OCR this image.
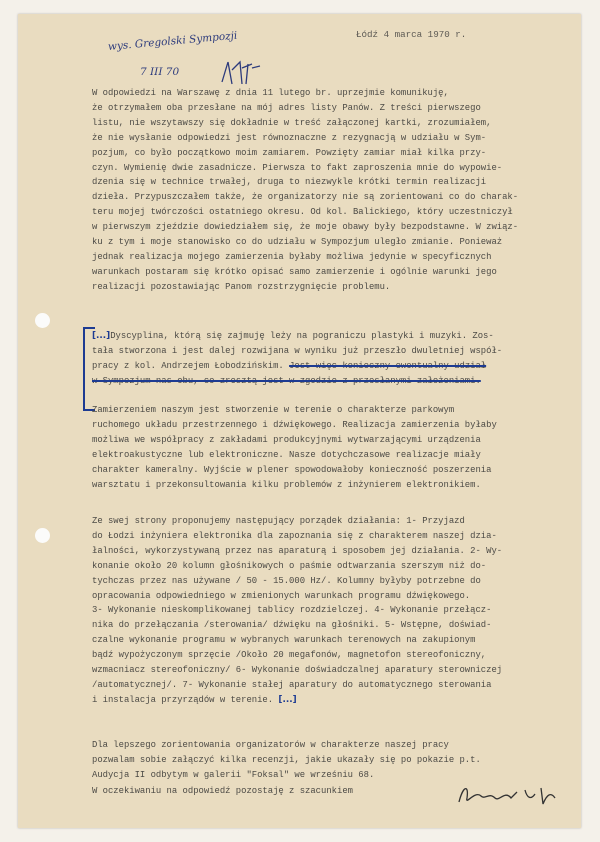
Łódź 4 marca 1970 r.
wys. Gregolski Sympozji
7 III 70
W odpowiedzi na Warszawę z dnia 11 lutego br. uprzejmie komunikuję,
że otrzymałem oba przesłane na mój adres listy Panów. Z treści pierwszego
listu, nie wszytawszy się dokładnie w treść załączonej kartki, zrozumiałem,
że nie wysłanie odpowiedzi jest równoznaczne z rezygnacją w udziału w Sym-
pozjum, co było początkowo moim zamiarem. Powzięty zamiar miał kilka przy-
czyn. Wymienię dwie zasadnicze. Pierwsza to fakt zaproszenia mnie do wypowie-
dzenia się w technice trwałej, druga to niezwykle krótki termin realizacji
dzieła. Przypuszczałem także, że organizatorzy nie są zorientowani co do charak-
teru mojej twórczości ostatniego okresu. Od kol. Balickiego, który uczestniczył
w pierwszym zjeździe dowiedziałem się, że moje obawy były bezpodstawne. W związ-
ku z tym i moje stanowisko co do udziału w Sympozjum uległo zmianie. Ponieważ
jednak realizacja mojego zamierzenia byłaby możliwa jedynie w specyficznych
warunkach postaram się krótko opisać samo zamierzenie i ogólnie warunki jego
realizacji pozostawiając Panom rozstrzygnięcie problemu.
[...]Dyscyplina, którą się zajmuję leży na pograniczu plastyki i muzyki. Zos-
tała stworzona i jest dalej rozwijana w wyniku już przeszło dwuletniej współ-
pracy z kol. Andrzejem Łobodzińskim. Jest więc konieczny ewentualny udział
w Sympozjum nas obu, co zresztą jest w zgodzie z przesłanymi założeniami.
Zamierzeniem naszym jest stworzenie w terenie o charakterze parkowym
ruchomego układu przestrzennego i dźwiękowego. Realizacja zamierzenia byłaby
możliwa we współpracy z zakładami produkcyjnymi wytwarzającymi urządzenia
elektroakustyczne lub elektroniczne. Nasze dotychczasowe realizacje miały
charakter kameralny. Wyjście w plener spowodowałoby konieczność poszerzenia
warsztatu i przekonsultowania kilku problemów z inżynierem elektronikiem.
Ze swej strony proponujemy następujący porządek działania: 1- Przyjazd
do Łodzi inżyniera elektronika dla zapoznania się z charakterem naszej dzia-
łalności, wykorzystywaną przez nas aparaturą i sposobem jej działania. 2- Wy-
konanie około 20 kolumn głośnikowych o paśmie odtwarzania szerszym niż do-
tychczas przez nas używane / 50 - 15.000 Hz/. Kolumny byłyby potrzebne do
opracowania odpowiedniego w zmienionych warunkach programu dźwiękowego.
3- Wykonanie nieskomplikowanej tablicy rozdzielczej. 4- Wykonanie przełącz-
nika do przełączania /sterowania/ dźwięku na głośniki. 5- Wstępne, doświad-
czalne wykonanie programu w wybranych warunkach terenowych na zakupionym
bądź wypożyczonym sprzęcie /Około 20 megafonów, magnetofon stereofoniczny,
wzmacniacz stereofoniczny/ 6- Wykonanie doświadczalnej aparatury sterowniczej
/automatycznej/. 7- Wykonanie stałej aparatury do automatycznego sterowania
i instalacja przyrządów w terenie. [...]
Dla lepszego zorientowania organizatorów w charakterze naszej pracy
pozwalam sobie załączyć kilka recenzji, jakie ukazały się po pokazie p.t.
Audycja II odbytym w galerii "Foksal" we wrześniu 68.
W oczekiwaniu na odpowiedź pozostaję z szacunkiem
